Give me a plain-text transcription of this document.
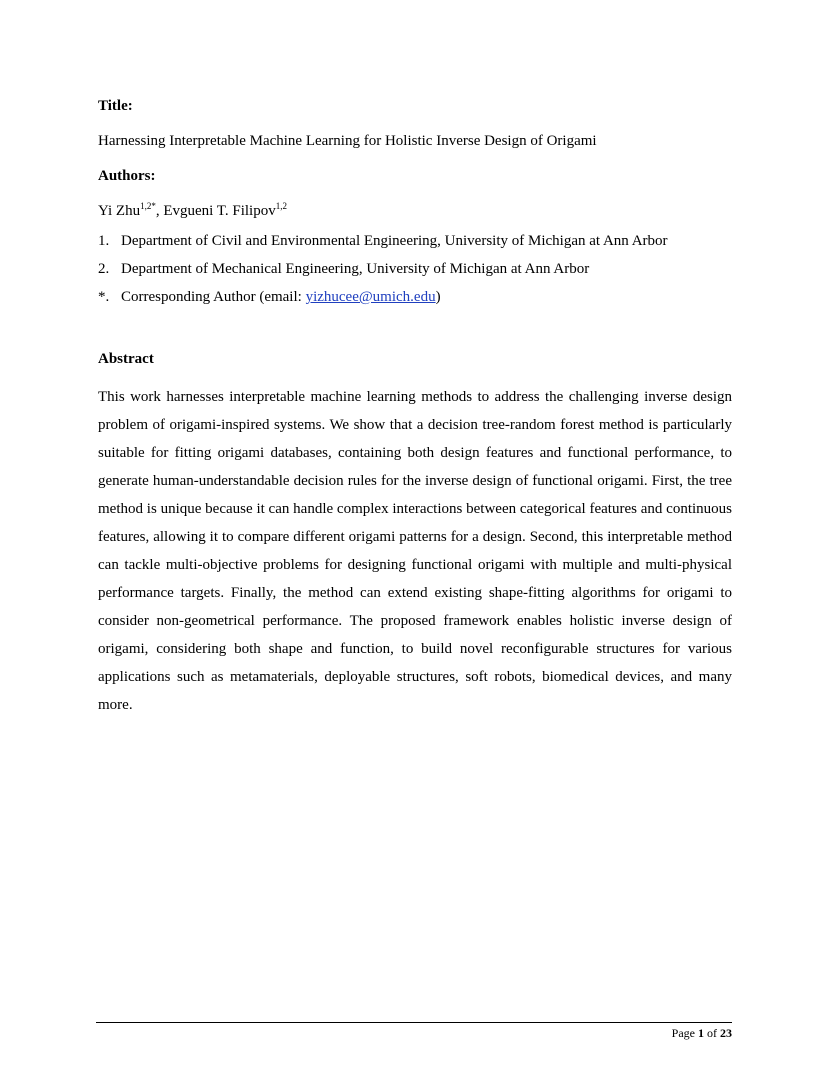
Title:
Harnessing Interpretable Machine Learning for Holistic Inverse Design of Origami
Authors:
Yi Zhu$^{1,2*}$, Evgueni T. Filipov$^{1,2}$
1. Department of Civil and Environmental Engineering, University of Michigan at Ann Arbor
2. Department of Mechanical Engineering, University of Michigan at Ann Arbor
*. Corresponding Author (email: yizhucee@umich.edu)
Abstract

This work harnesses interpretable machine learning methods to address the challenging inverse design problem of origami-inspired systems. We show that a decision tree-random forest method is particularly suitable for fitting origami databases, containing both design features and functional performance, to generate human-understandable decision rules for the inverse design of functional origami. First, the tree method is unique because it can handle complex interactions between categorical features and continuous features, allowing it to compare different origami patterns for a design. Second, this interpretable method can tackle multi-objective problems for designing functional origami with multiple and multi-physical performance targets. Finally, the method can extend existing shape-fitting algorithms for origami to consider non-geometrical performance. The proposed framework enables holistic inverse design of origami, considering both shape and function, to build novel reconfigurable structures for various applications such as metamaterials, deployable structures, soft robots, biomedical devices, and many more.

Page 1 of 23
